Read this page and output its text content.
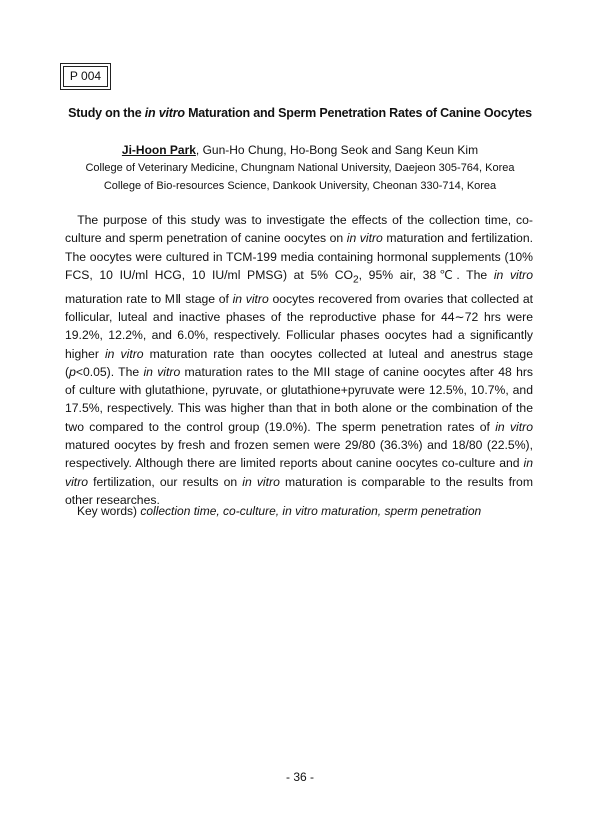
P 004
Study on the in vitro Maturation and Sperm Penetration Rates of Canine Oocytes
Ji-Hoon Park, Gun-Ho Chung, Ho-Bong Seok and Sang Keun Kim
College of Veterinary Medicine, Chungnam National University, Daejeon 305-764, Korea
College of Bio-resources Science, Dankook University, Cheonan 330-714, Korea

 The purpose of this study was to investigate the effects of the collection time, co-culture and sperm penetration of canine oocytes on in vitro maturation and fertilization. The oocytes were cultured in TCM-199 media containing hormonal supplements (10% FCS, 10 IU/ml HCG, 10 IU/ml PMSG) at 5% $CO_2$, 95% air, 38℃. The in vitro maturation rate to MⅡ stage of in vitro oocytes recovered from ovaries that collected at follicular, luteal and inactive phases of the reproductive phase for 44∼72 hrs were 19.2%, 12.2%, and 6.0%, respectively. Follicular phases oocytes had a significantly higher in vitro maturation rate than oocytes collected at luteal and anestrus stage (p<0.05). The in vitro maturation rates to the MII stage of canine oocytes after 48 hrs of culture with glutathione, pyruvate, or glutathione+pyruvate were 12.5%, 10.7%, and 17.5%, respectively. This was higher than that in both alone or the combination of the two compared to the control group (19.0%). The sperm penetration rates of in vitro matured oocytes by fresh and frozen semen were 29/80 (36.3%) and 18/80 (22.5%), respectively. Although there are limited reports about canine oocytes co-culture and in vitro fertilization, our results on in vitro maturation is comparable to the results from other researches.

Key words) collection time, co-culture, in vitro maturation, sperm penetration
- 36 -
